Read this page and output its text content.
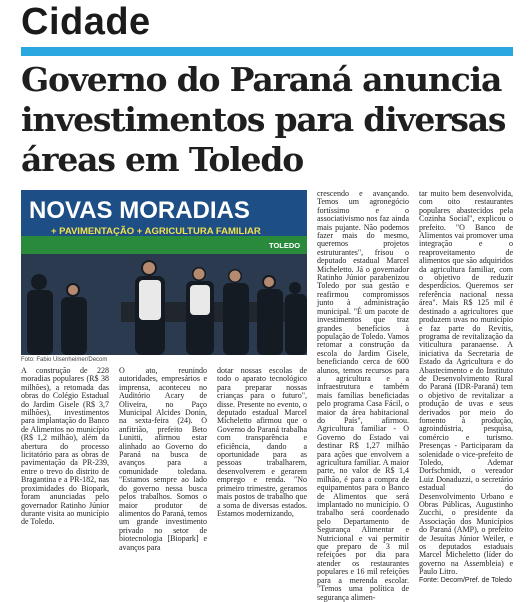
Cidade
Governo do Paraná anuncia investimentos para diversas áreas em Toledo
NOVAS MORADIAS
+ PAVIMENTAÇÃO + AGRICULTURA FAMILIAR
TOLEDO
Foto: Fabio Ulsenheimer/Decom

A construção de 228 moradias populares (R$ 38 milhões), a retomada das obras do Colégio Estadual do Jardim Gisele (R$ 3,7 milhões), investimentos para implantação do Banco de Alimentos no município (R$ 1,2 milhão), além da abertura do processo licitatório para as obras de pavimentação da PR-239, entre o trevo do distrito de Bragantina e a PR-182, nas proximidades do Biopark, foram anunciadas pelo governador Ratinho Júnior durante visita ao município de Toledo.

O ato, reunindo autoridades, empresários e imprensa, aconteceu no Auditório Acary de Oliveira, no Paço Municipal Alcides Donin, na sexta-feira (24). O anfitrião, prefeito Beto Lunitti, afirmou estar alinhado ao Governo do Paraná na busca de avanços para a comunidade toledana. "Estamos sempre ao lado do governo nessa busca pelos trabalhos. Somos o maior produtor de alimentos do Paraná, temos um grande investimento privado no setor de biotecnologia [Biopark] e avanços para

dotar nossas escolas de todo o aparato tecnológico para preparar nossas crianças para o futuro", disse. Presente no evento, o deputado estadual Marcel Micheletto afirmou que o Governo do Paraná trabalha com transparência e eficiência, dando a oportunidade para as pessoas trabalharem, desenvolverem e gerarem emprego e renda. "No primeiro trimestre, geramos mais postos de trabalho que a soma de diversas estados. Estamos modernizando,

crescendo e avançando. Temos um agronegócio fortíssimo e o associativismo nos faz ainda mais pujante. Não podemos fazer mais do mesmo, queremos projetos estruturantes", frisou o deputado estadual Marcel Micheletto. Já o governador Ratinho Júnior parabenizou Toledo por sua gestão e reafirmou compromissos junto à administração municipal. "É um pacote de investimentos que traz grandes benefícios à população de Toledo. Vamos retomar a construção da escola do Jardim Gisele, beneficiando cerca de 600 alunos, temos recursos para a agricultura e a infraestrutura e também mais famílias beneficiadas pelo programa Casa Fácil, o maior da área habitacional do País", afirmou. Agricultura familiar - O Governo do Estado vai destinar R$ 1,27 milhão para ações que envolvem a agricultura familiar. A maior parte, no valor de R$ 1,4 milhão, é para a compra de equipamentos para o Banco de Alimentos que será implantado no município. O trabalho será coordenado pelo Departamento de Segurança Alimentar e Nutricional e vai permitir que preparo de 3 mil refeições por dia para atender os restaurantes populares e 16 mil refeições para a merenda escolar. "Temos uma política de segurança alimen-

tar muito bem desenvolvida, com oito restaurantes populares abastecidos pela Cozinha Social", explicou o prefeito. "O Banco de Alimentos vai promover uma integração e o reaproveitamento de alimentos que são adquiridos da agricultura familiar, com o objetivo de reduzir desperdícios. Queremos ser referência nacional nessa área". Mais R$ 125 mil é destinado a agricultores que produzem uvas no município e faz parte do Revitis, programa de revitalização da viticultura paranaense. A iniciativa da Secretaria de Estado da Agricultura e do Abastecimento e do Instituto de Desenvolvimento Rural do Paraná (IDR-Paraná) tem o objetivo de revitalizar a produção de uvas e seus derivados por meio do fomento à produção, agroindústria, pesquisa, comércio e turismo. Presenças - Participaram da solenidade o vice-prefeito de Toledo, Ademar Dorfschmidt, o vereador Luiz Donaduzzi, o secretário estadual do Desenvolvimento Urbano e Obras Públicas, Augustinho Zucchi, o presidente da Associação dos Municípios do Paraná (AMP), o prefeito de Jesuítas Júnior Weiler, e os deputados estaduais Marcel Micheletto (líder do governo na Assembleia) e Paulo Litro.

Fonte: Decom/Pref. de Toledo
